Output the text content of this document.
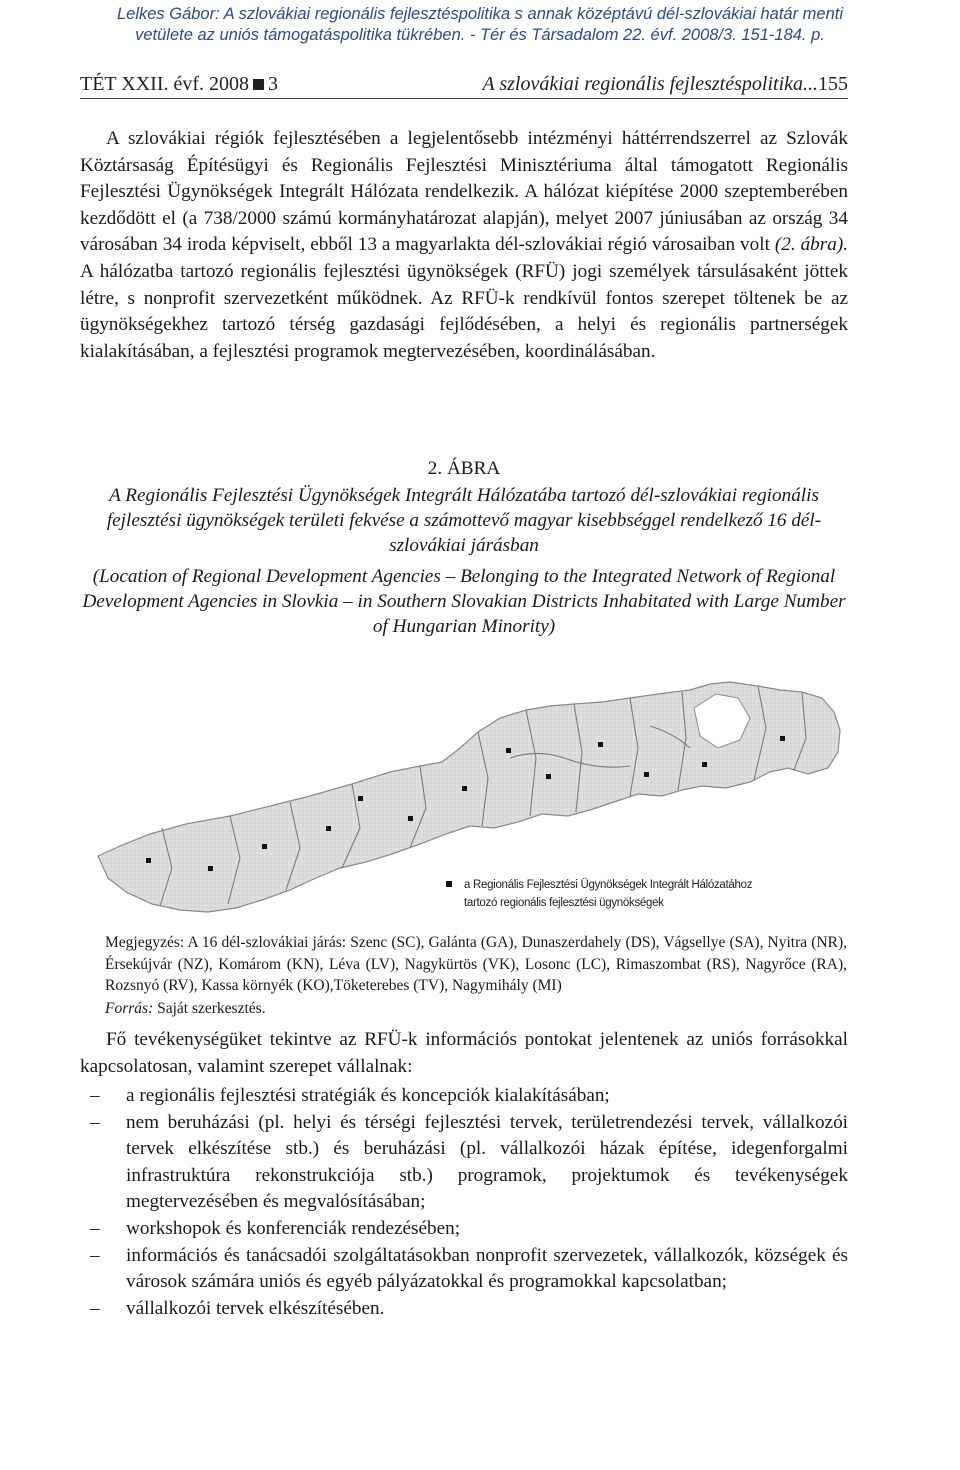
Lelkes Gábor: A szlovákiai regionális fejlesztéspolitika s annak középtávú dél-szlovákiai határ menti
vetülete az uniós támogatáspolitika tükrében. - Tér és Társadalom 22. évf. 2008/3. 151-184. p.
TÉT XXII. évf. 2008 3	A szlovákiai regionális fejlesztéspolitika...155

A szlovákiai régiók fejlesztésében a legjelentősebb intézményi háttérrendszerrel az Szlovák Köztársaság Építésügyi és Regionális Fejlesztési Minisztériuma által támogatott Regionális Fejlesztési Ügynökségek Integrált Hálózata rendelkezik. A hálózat kiépítése 2000 szeptemberében kezdődött el (a 738/2000 számú kormányhatározat alapján), melyet 2007 júniusában az ország 34 városában 34 iroda képviselt, ebből 13 a magyarlakta dél-szlovákiai régió városaiban volt (2. ábra). A hálózatba tartozó regionális fejlesztési ügynökségek (RFÜ) jogi személyek társulásaként jöttek létre, s nonprofit szervezetként működnek. Az RFÜ-k rendkívül fontos szerepet töltenek be az ügynökségekhez tartozó térség gazdasági fejlődésében, a helyi és regionális partnerségek kialakításában, a fejlesztési programok megtervezésében, koordinálásában.

2. ÁBRA

A Regionális Fejlesztési Ügynökségek Integrált Hálózatába tartozó dél-szlovákiai regionális fejlesztési ügynökségek területi fekvése a számottevő magyar kisebbséggel rendelkező 16 dél-szlovákiai járásban

(Location of Regional Development Agencies – Belonging to the Integrated Network of Regional Development Agencies in Slovkia – in Southern Slovakian Districts Inhabitated with Large Number of Hungarian Minority)

a Regionális Fejlesztési Ügynökségek Integrált Hálózatához
tartozó regionális fejlesztési ügynökségek

Megjegyzés: A 16 dél-szlovákiai járás: Szenc (SC), Galánta (GA), Dunaszerdahely (DS), Vágsellye (SA), Nyitra (NR), Érsekújvár (NZ), Komárom (KN), Léva (LV), Nagykürtös (VK), Losonc (LC), Rimaszombat (RS), Nagyrőce (RA), Rozsnyó (RV), Kassa környék (KO),Töketerebes (TV), Nagymihály (MI)

Forrás: Saját szerkesztés.

Fő tevékenységüket tekintve az RFÜ-k információs pontokat jelentenek az uniós forrásokkal kapcsolatosan, valamint szerepet vállalnak:

– a regionális fejlesztési stratégiák és koncepciók kialakításában;
– nem beruházási (pl. helyi és térségi fejlesztési tervek, területrendezési tervek, vállalkozói tervek elkészítése stb.) és beruházási (pl. vállalkozói házak építése, idegenforgalmi infrastruktúra rekonstrukciója stb.) programok, projektumok és tevékenységek megtervezésében és megvalósításában;
– workshopok és konferenciák rendezésében;
– információs és tanácsadói szolgáltatásokban nonprofit szervezetek, vállalkozók, községek és városok számára uniós és egyéb pályázatokkal és programokkal kapcsolatban;
– vállalkozói tervek elkészítésében.
